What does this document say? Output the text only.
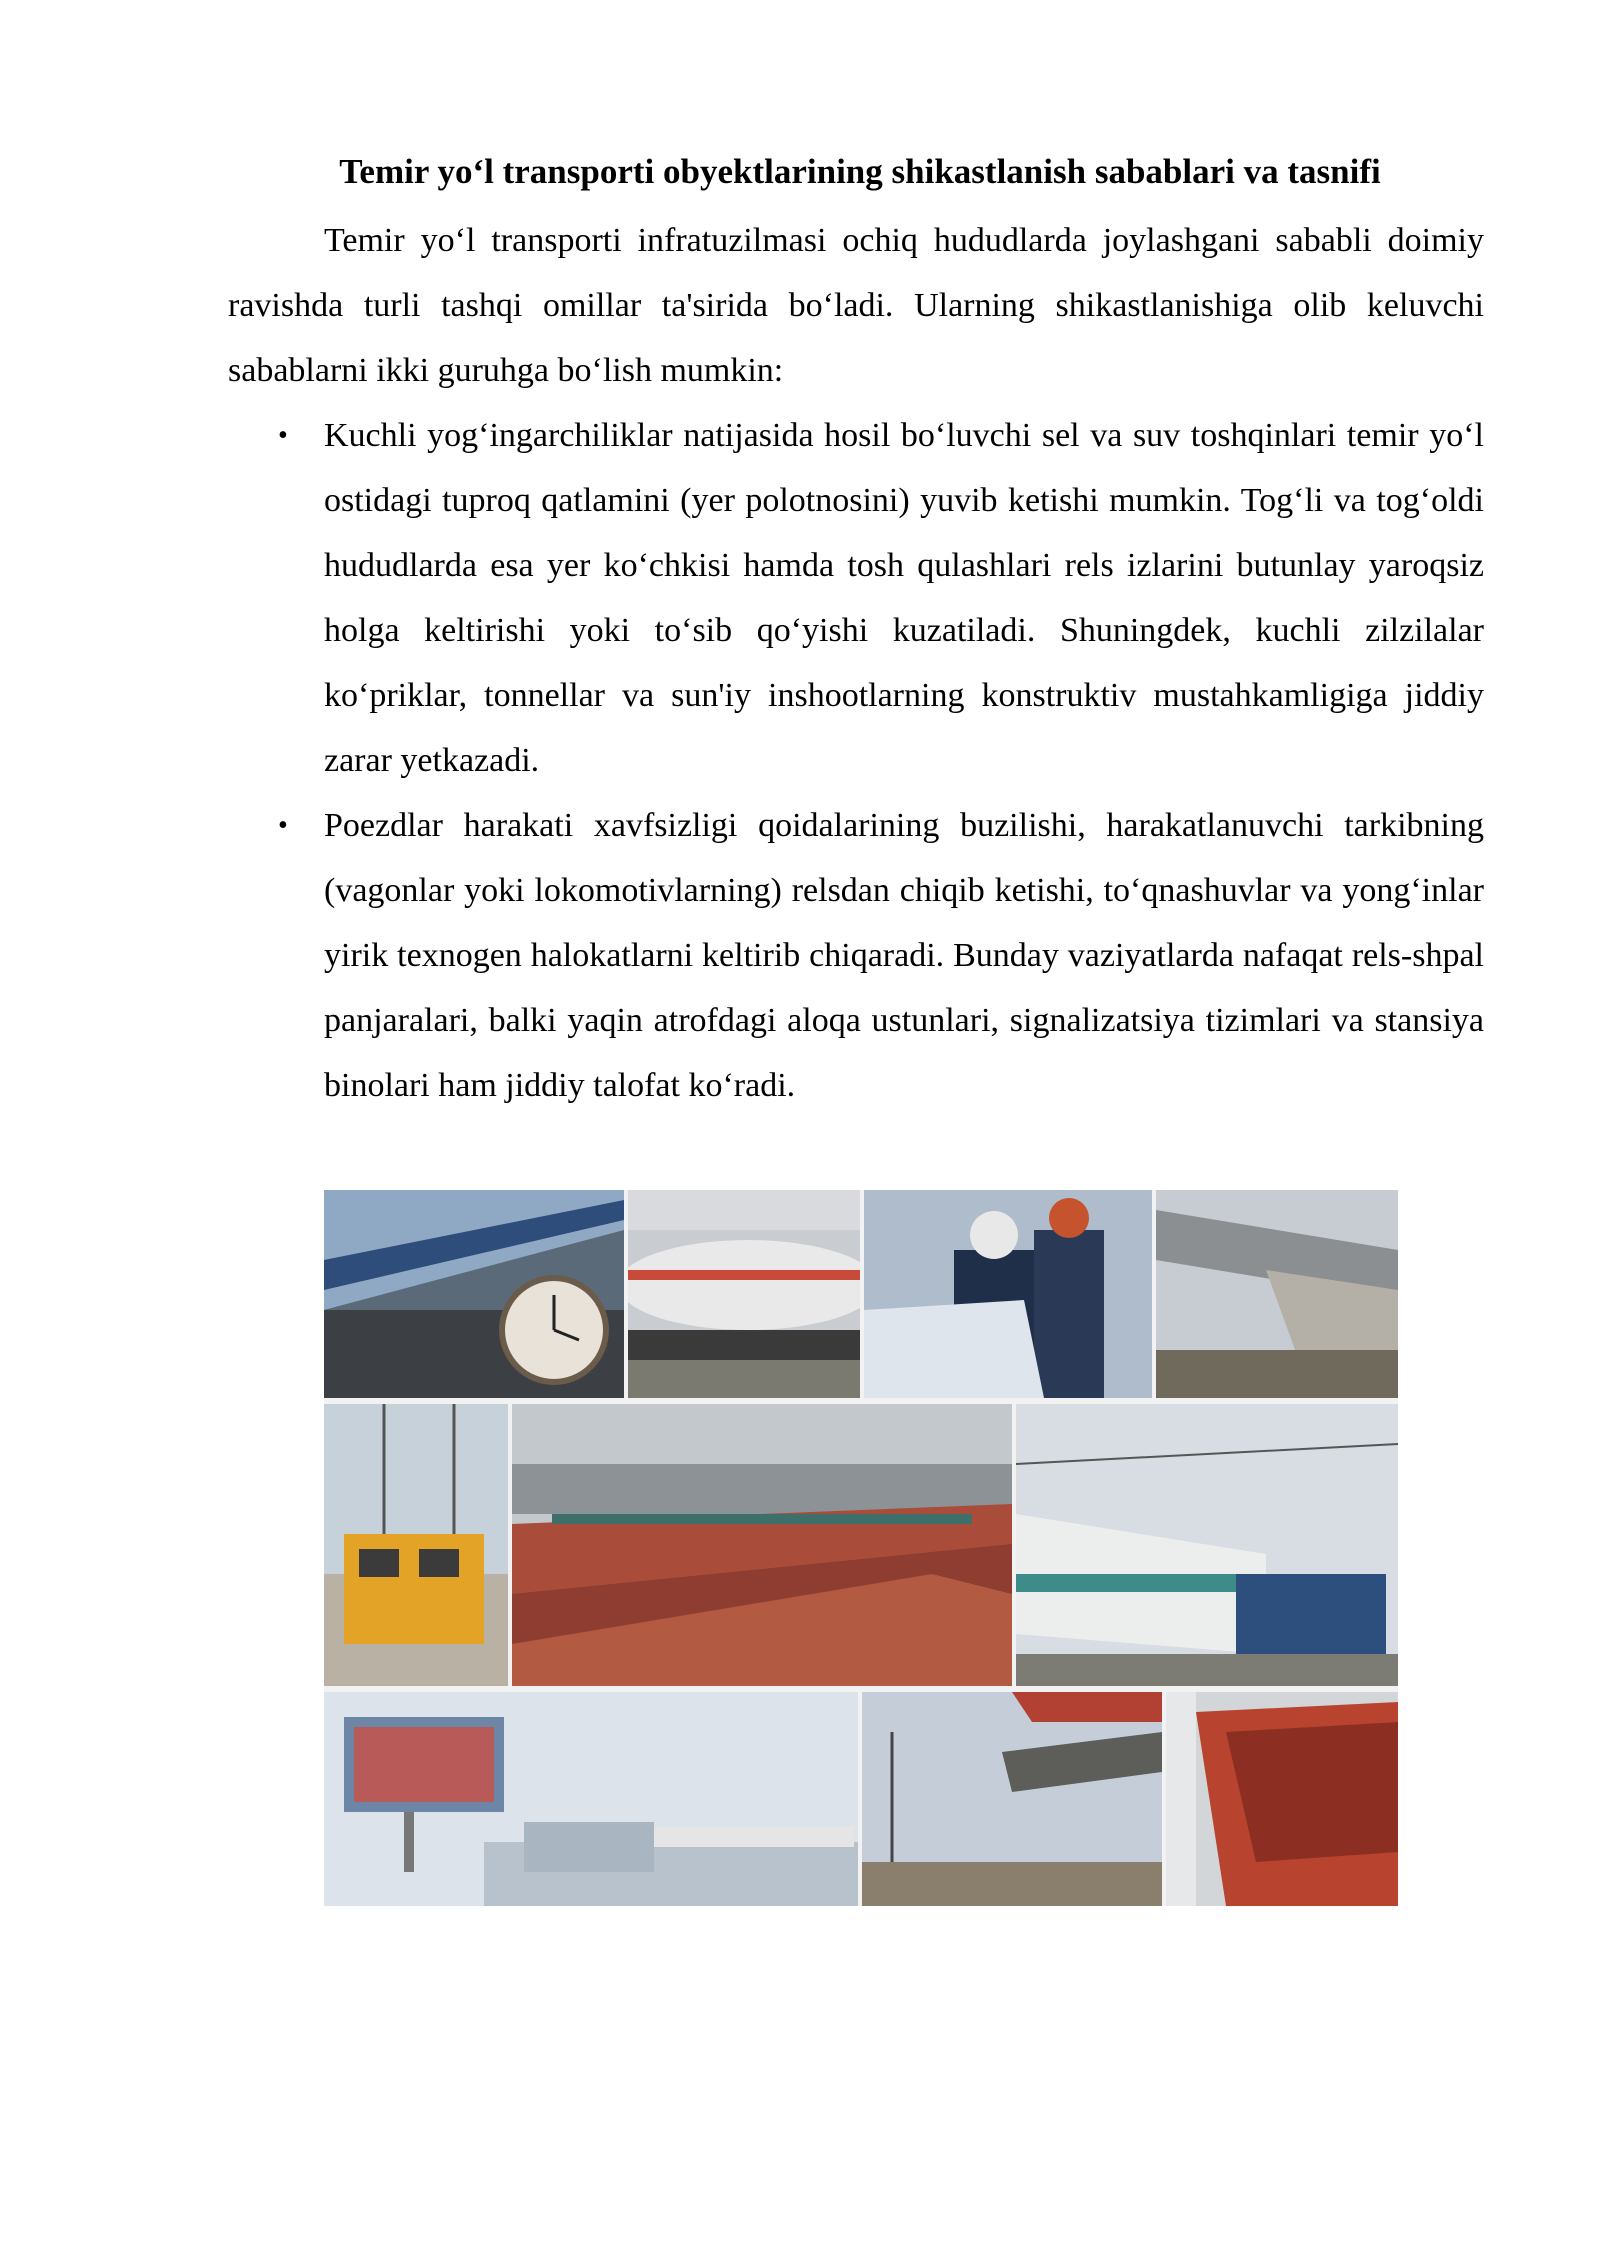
Temir yo‘l transporti obyektlarining shikastlanish sabablari va tasnifi

Temir yo‘l transporti infratuzilmasi ochiq hududlarda joylashgani sababli doimiy ravishda turli tashqi omillar ta'sirida bo‘ladi. Ularning shikastlanishiga olib keluvchi sabablarni ikki guruhga bo‘lish mumkin:

• Kuchli yog‘ingarchiliklar natijasida hosil bo‘luvchi sel va suv toshqinlari temir yo‘l ostidagi tuproq qatlamini (yer polotnosini) yuvib ketishi mumkin. Tog‘li va tog‘oldi hududlarda esa yer ko‘chkisi hamda tosh qulashlari rels izlarini butunlay yaroqsiz holga keltirishi yoki to‘sib qo‘yishi kuzatiladi. Shuningdek, kuchli zilzilalar ko‘priklar, tonnellar va sun'iy inshootlarning konstruktiv mustahkamligiga jiddiy zarar yetkazadi.
• Poezdlar harakati xavfsizligi qoidalarining buzilishi, harakatlanuvchi tarkibning (vagonlar yoki lokomotivlarning) relsdan chiqib ketishi, to‘qnashuvlar va yong‘inlar yirik texnogen halokatlarni keltirib chiqaradi. Bunday vaziyatlarda nafaqat rels-shpal panjaralari, balki yaqin atrofdagi aloqa ustunlari, signalizatsiya tizimlari va stansiya binolari ham jiddiy talofat ko‘radi.
